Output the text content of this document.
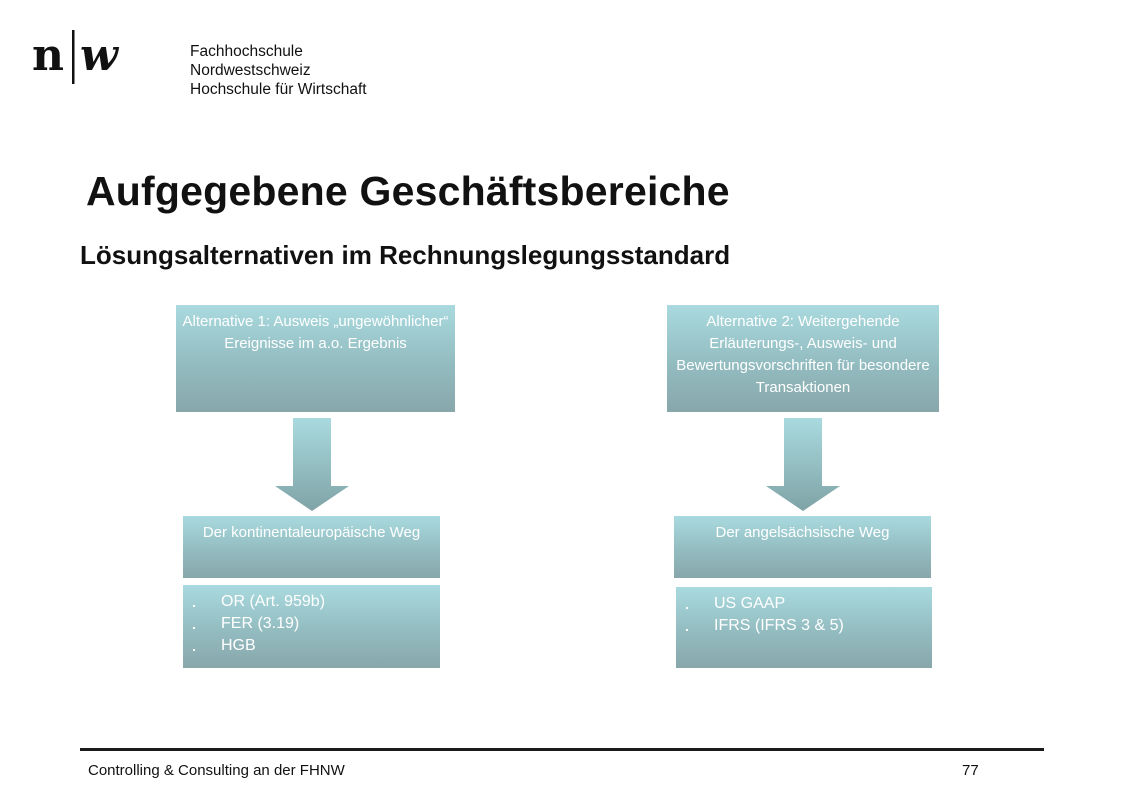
n w	Fachhochschule Nordwestschweiz
Hochschule für Wirtschaft
Aufgegebene Geschäftsbereiche
Lösungsalternativen im Rechnungslegungsstandard
Alternative 1: Ausweis „ungewöhnlicher“ Ereignisse im a.o. Ergebnis
Der kontinentaleuropäische Weg
OR (Art. 959b)
FER (3.19)
HGB
Alternative 2: Weitergehende Erläuterungs-, Ausweis- und Bewertungsvorschriften für besondere Transaktionen
Der angelsächsische Weg
US GAAP
IFRS (IFRS 3 & 5)
Controlling & Consulting an der FHNW	77
